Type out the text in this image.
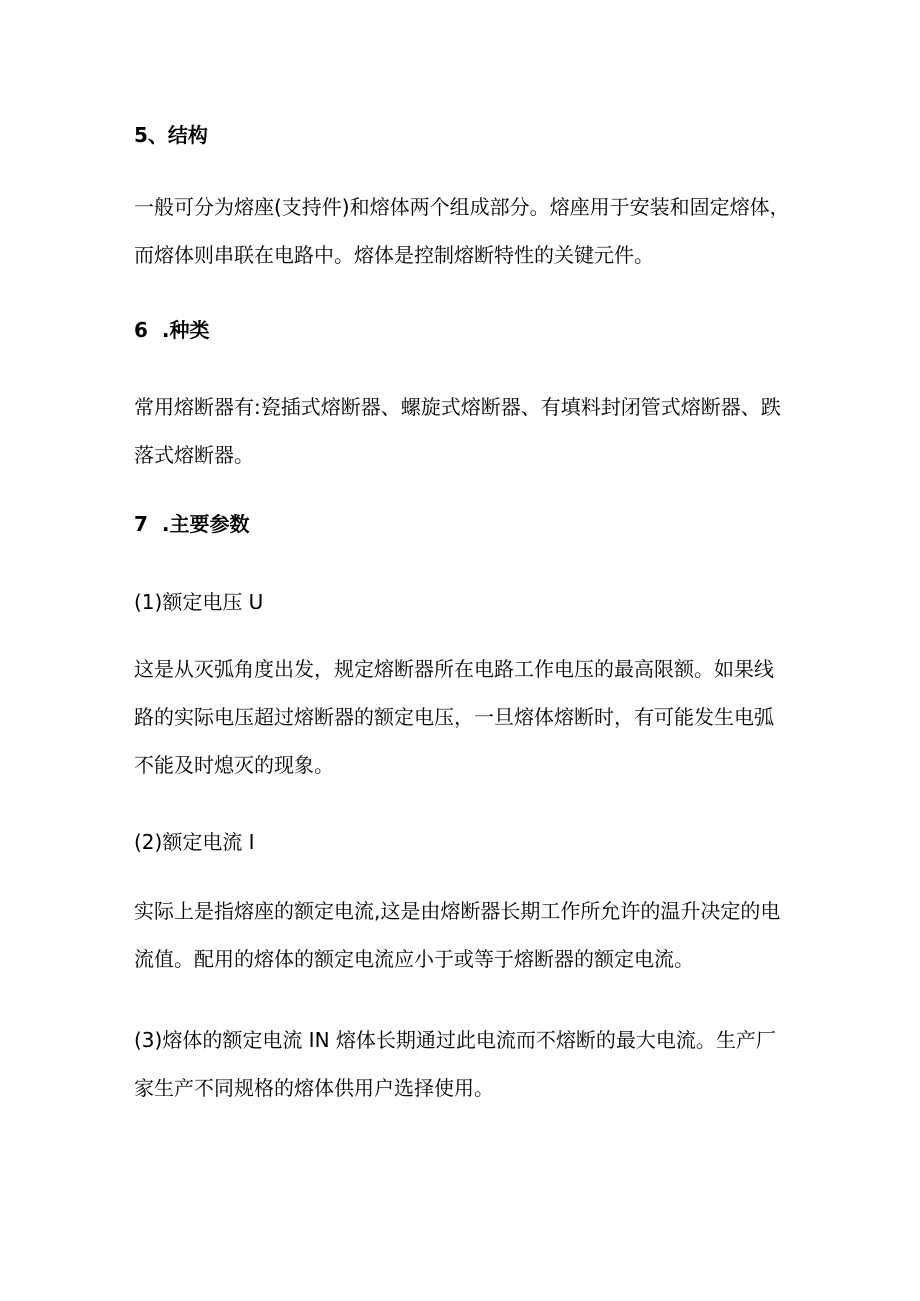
5、结构

一般可分为熔座(支持件)和熔体两个组成部分。熔座用于安装和固定熔体，
而熔体则串联在电路中。熔体是控制熔断特性的关键元件。

6  .种类

常用熔断器有:瓷插式熔断器、螺旋式熔断器、有填料封闭管式熔断器、跌
落式熔断器。

7  .主要参数
(1)额定电压 U

这是从灭弧角度出发，规定熔断器所在电路工作电压的最高限额。如果线
路的实际电压超过熔断器的额定电压，一旦熔体熔断时，有可能发生电弧
不能及时熄灭的现象。

(2)额定电流 I

实际上是指熔座的额定电流,这是由熔断器长期工作所允许的温升决定的电
流值。配用的熔体的额定电流应小于或等于熔断器的额定电流。

(3)熔体的额定电流 IN 熔体长期通过此电流而不熔断的最大电流。生产厂
家生产不同规格的熔体供用户选择使用。
